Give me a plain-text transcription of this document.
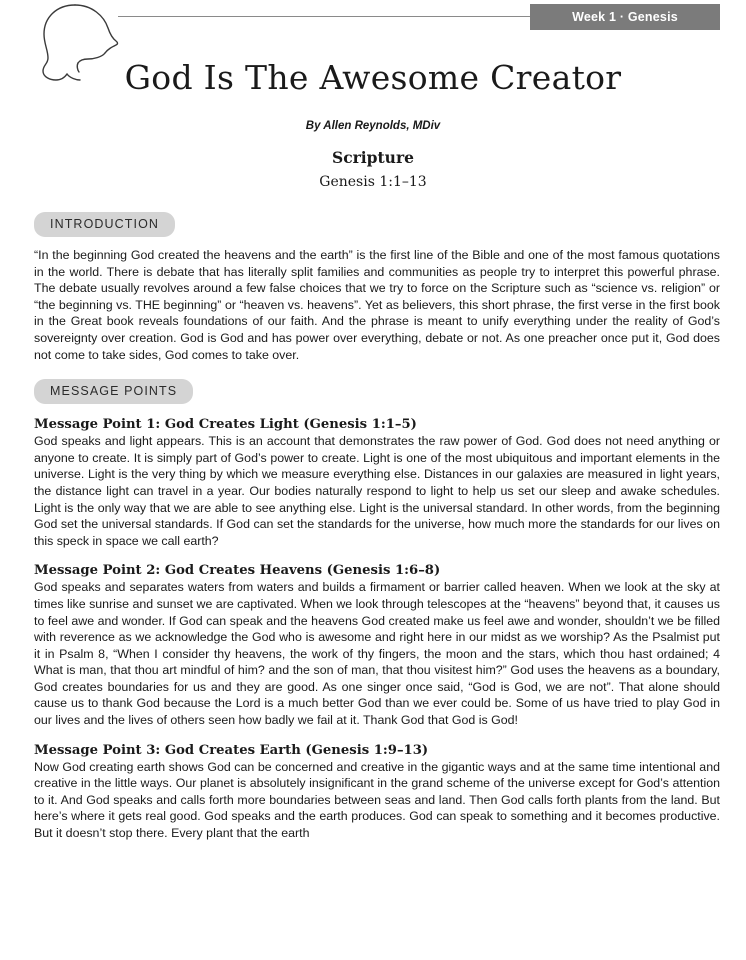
Week 1 · Genesis
God Is The Awesome Creator
By Allen Reynolds, MDiv
Scripture
Genesis 1:1–13
INTRODUCTION

“In the beginning God created the heavens and the earth” is the first line of the Bible and one of the most famous quotations in the world. There is debate that has literally split families and communities as people try to interpret this powerful phrase. The debate usually revolves around a few false choices that we try to force on the Scripture such as “science vs. religion” or “the beginning vs. THE beginning” or “heaven vs. heavens”. Yet as believers, this short phrase, the first verse in the first book in the Great book reveals foundations of our faith. And the phrase is meant to unify everything under the reality of God’s sovereignty over creation. God is God and has power over everything, debate or not. As one preacher once put it, God does not come to take sides, God comes to take over.

MESSAGE POINTS
Message Point 1: God Creates Light (Genesis 1:1–5)

God speaks and light appears. This is an account that demonstrates the raw power of God. God does not need anything or anyone to create. It is simply part of God’s power to create. Light is one of the most ubiquitous and important elements in the universe. Light is the very thing by which we measure everything else. Distances in our galaxies are measured in light years, the distance light can travel in a year. Our bodies naturally respond to light to help us set our sleep and awake schedules. Light is the only way that we are able to see anything else. Light is the universal standard. In other words, from the beginning God set the universal standards. If God can set the standards for the universe, how much more the standards for our lives on this speck in space we call earth?

Message Point 2: God Creates Heavens (Genesis 1:6–8)

God speaks and separates waters from waters and builds a firmament or barrier called heaven. When we look at the sky at times like sunrise and sunset we are captivated. When we look through telescopes at the “heavens” beyond that, it causes us to feel awe and wonder. If God can speak and the heavens God created make us feel awe and wonder, shouldn’t we be filled with reverence as we acknowledge the God who is awesome and right here in our midst as we worship? As the Psalmist put it in Psalm 8, “When I consider thy heavens, the work of thy fingers, the moon and the stars, which thou hast ordained; 4 What is man, that thou art mindful of him? and the son of man, that thou visitest him?” God uses the heavens as a boundary, God creates boundaries for us and they are good. As one singer once said, “God is God, we are not”. That alone should cause us to thank God because the Lord is a much better God than we ever could be. Some of us have tried to play God in our lives and the lives of others seen how badly we fail at it. Thank God that God is God!

Message Point 3: God Creates Earth (Genesis 1:9–13)

Now God creating earth shows God can be concerned and creative in the gigantic ways and at the same time intentional and creative in the little ways. Our planet is absolutely insignificant in the grand scheme of the universe except for God’s attention to it. And God speaks and calls forth more boundaries between seas and land. Then God calls forth plants from the land. But here’s where it gets real good. God speaks and the earth produces. God can speak to something and it becomes productive. But it doesn’t stop there. Every plant that the earth
